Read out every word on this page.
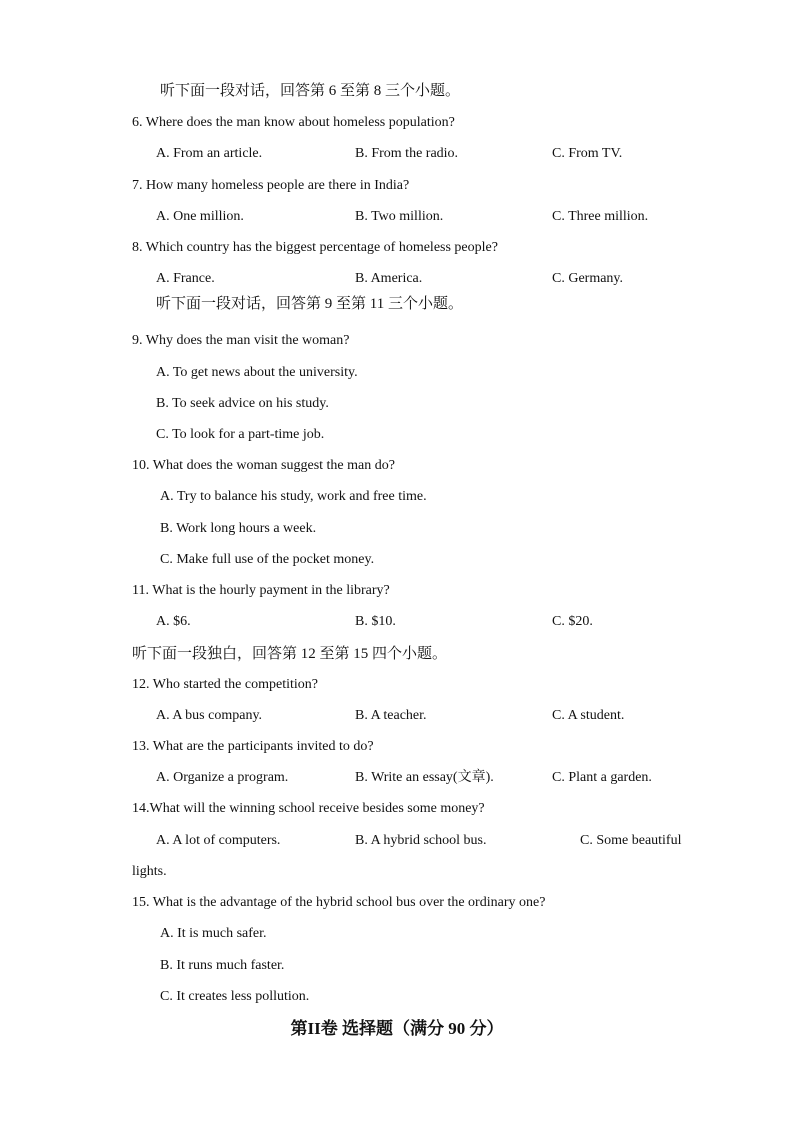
听下面一段对话，回答第 6 至第 8 三个小题。
6. Where does the man know about homeless population?
A. From an article.	B. From the radio.	C. From TV.
7. How many homeless people are there in India?
A. One million.	B. Two million.	C. Three million.
8. Which country has the biggest percentage of homeless people?
A. France.	B. America.	C. Germany.
听下面一段对话，回答第 9 至第 11 三个小题。
9. Why does the man visit the woman?
A. To get news about the university.
B. To seek advice on his study.
C. To look for a part-time job.
10. What does the woman suggest the man do?
A. Try to balance his study, work and free time.
B. Work long hours a week.
C. Make full use of the pocket money.
11. What is the hourly payment in the library?
A. $6.	B. $10.	C. $20.
听下面一段独白，回答第 12 至第 15 四个小题。
12. Who started the competition?
A. A bus company.	B. A teacher.	C. A student.
13. What are the participants invited to do?
A. Organize a program.	B. Write an essay(文章).	C. Plant a garden.
14.What will the winning school receive besides some money?
A. A lot of computers.	B. A hybrid school bus.	C. Some beautiful
lights.
15. What is the advantage of the hybrid school bus over the ordinary one?
A. It is much safer.
B. It runs much faster.
C. It creates less pollution.
第II卷 选择题（满分 90 分）
